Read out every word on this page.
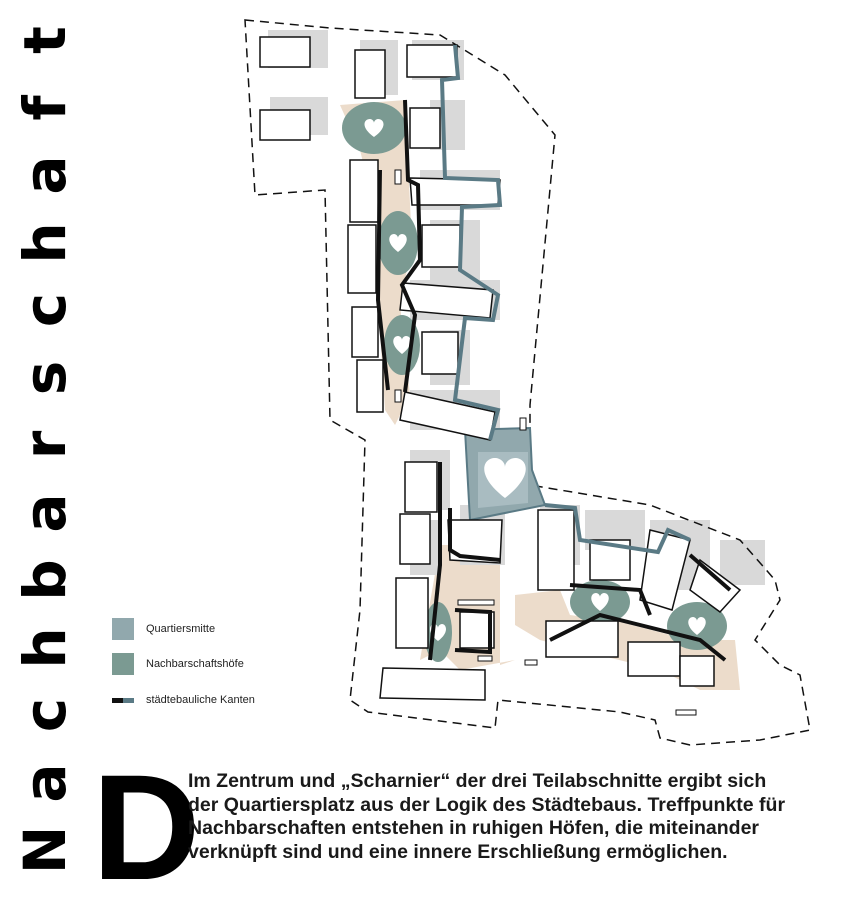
N
a
c
h
b
a
r
s
c
h
a
f
t
Quartiersmitte
Nachbarschaftshöfe
städtebauliche Kanten
D
Im Zentrum und „Scharnier“ der drei Teilabschnitte ergibt sich
der Quartiersplatz aus der Logik des Städtebaus. Treffpunkte für
Nachbarschaften entstehen in ruhigen Höfen, die miteinander
verknüpft sind und eine innere Erschließung ermöglichen.
